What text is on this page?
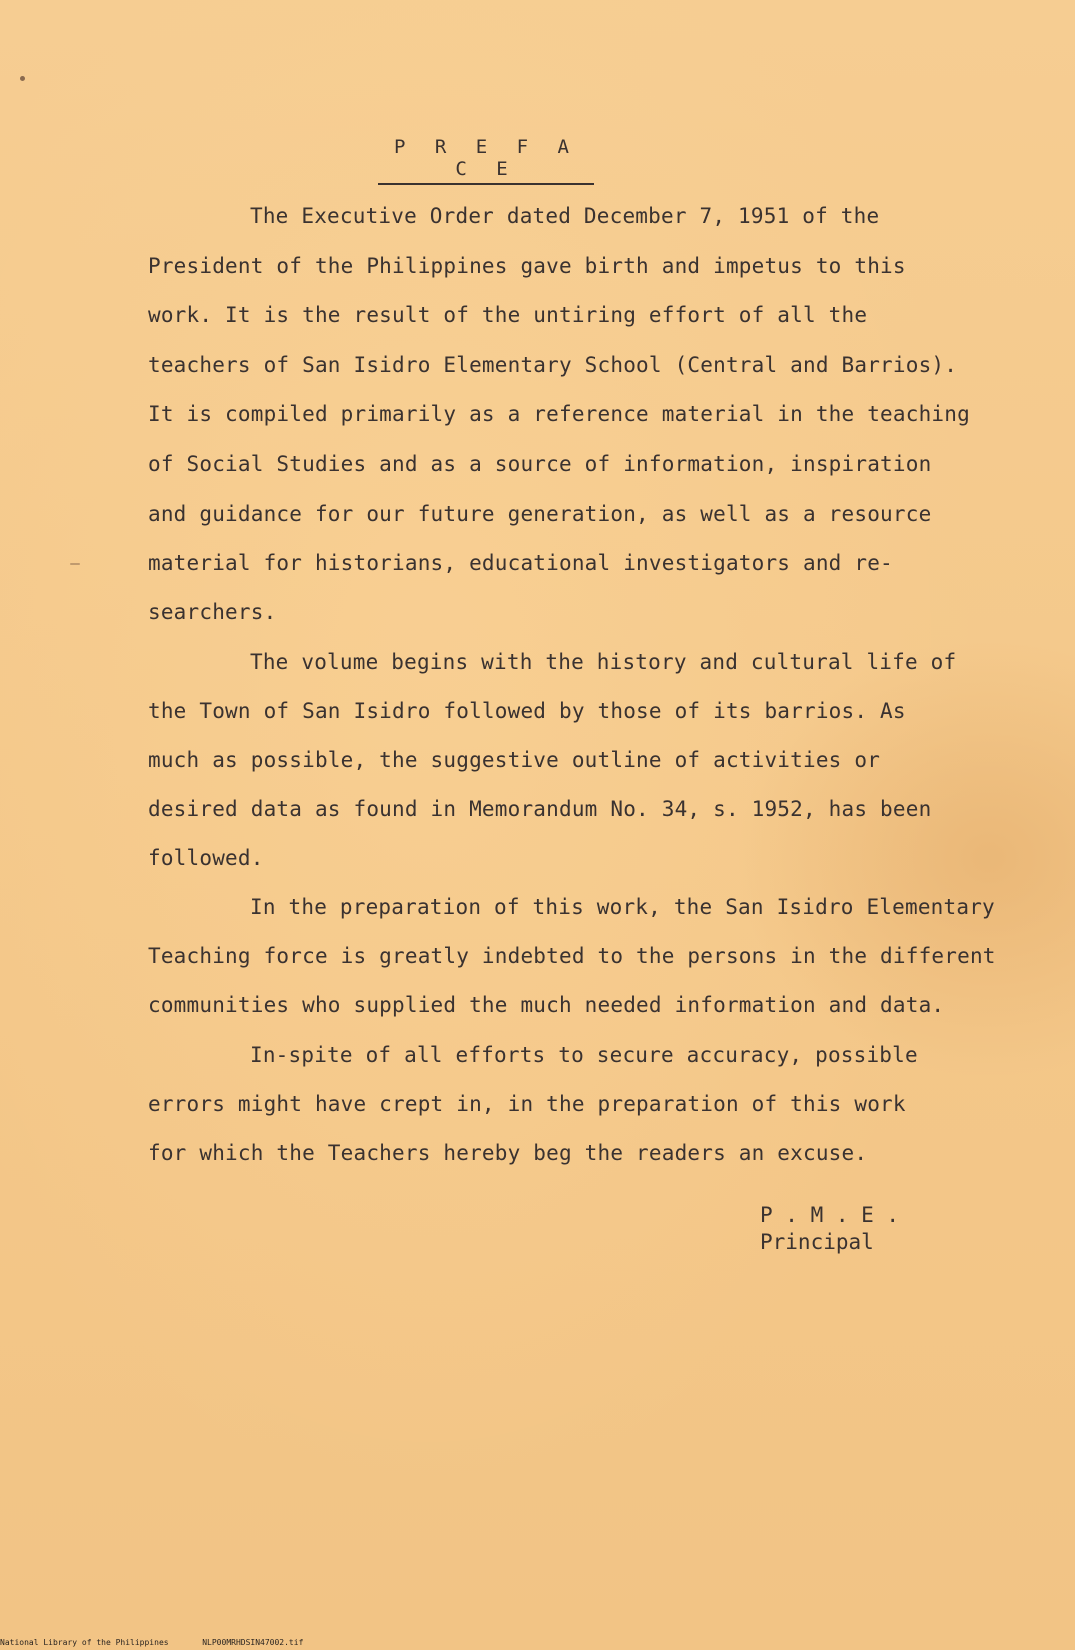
P R E F A C E
The Executive Order dated December 7, 1951 of the
President of the Philippines gave birth and impetus to this
work. It is the result of the untiring effort of all the
teachers of San Isidro Elementary School (Central and Barrios).
It is compiled primarily as a reference material in the teaching
of Social Studies and as a source of information, inspiration
and guidance for our future generation, as well as a resource
material for historians, educational investigators and re-
searchers.
The volume begins with the history and cultural life of
the Town of San Isidro followed by those of its barrios. As
much as possible, the suggestive outline of activities or
desired data as found in Memorandum No. 34, s. 1952, has been
followed.
In the preparation of this work, the San Isidro Elementary
Teaching force is greatly indebted to the persons in the different
communities who supplied the much needed information and data.
In-spite of all efforts to secure accuracy, possible
errors might have crept in, in the preparation of this work
for which the Teachers hereby beg the readers an excuse.
P . M . E .
Principal
National Library of the Philippines	NLP00MRHDSIN47002.tif
